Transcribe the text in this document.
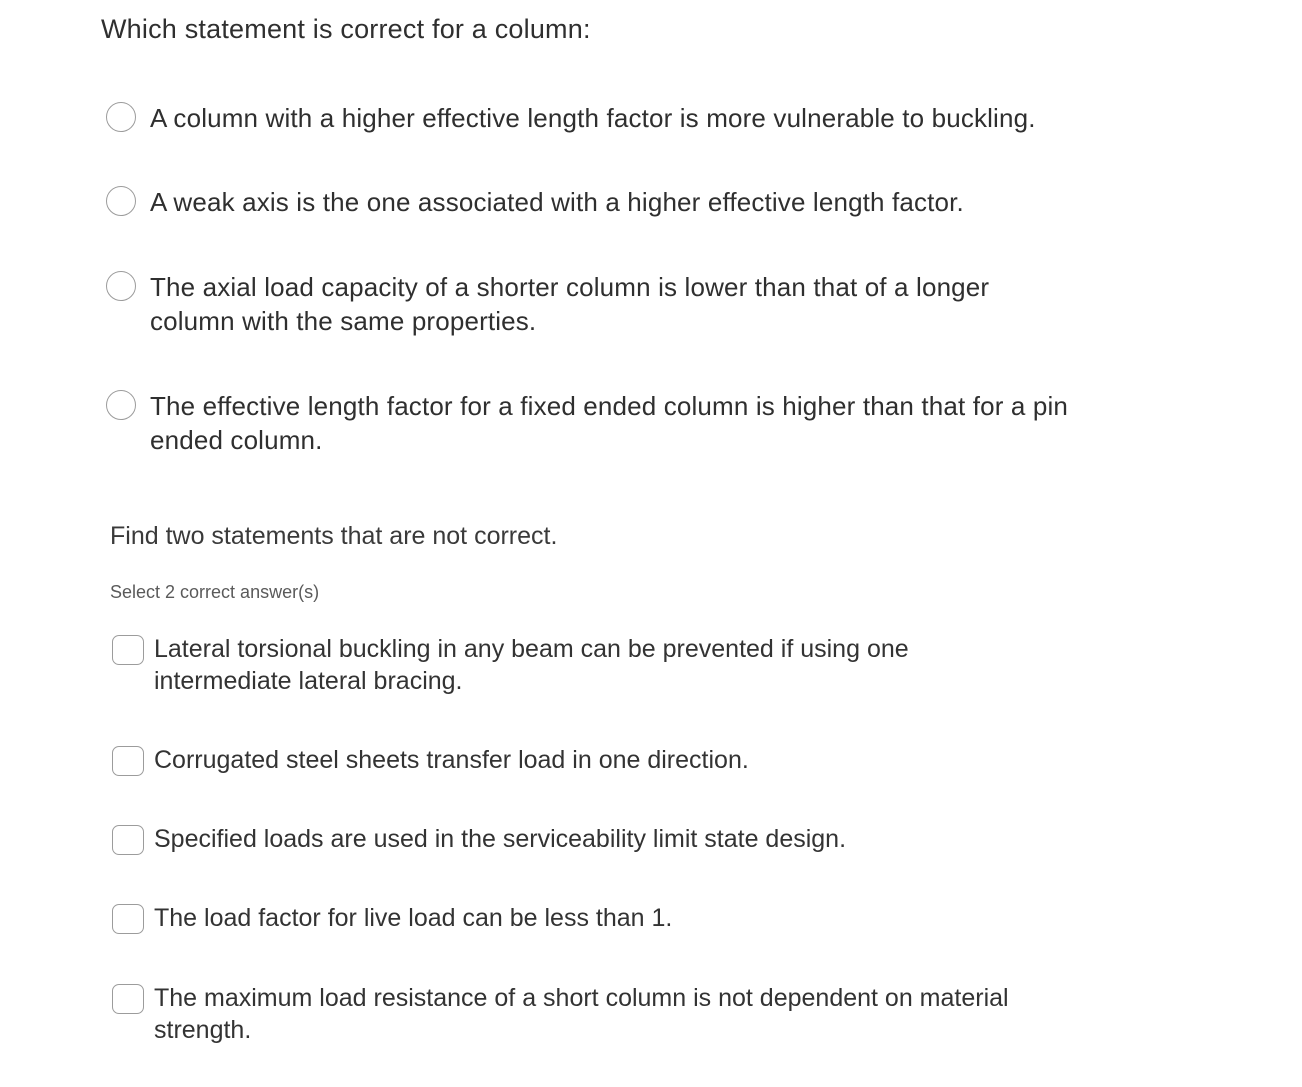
Which statement is correct for a column:
A column with a higher effective length factor is more vulnerable to buckling.
A weak axis is the one associated with a higher effective length factor.
The axial load capacity of a shorter column is lower than that of a longer column with the same properties.
The effective length factor for a fixed ended column is higher than that for a pin ended column.
Find two statements that are not correct.
Select 2 correct answer(s)
Lateral torsional buckling in any beam can be prevented if using one intermediate lateral bracing.
Corrugated steel sheets transfer load in one direction.
Specified loads are used in the serviceability limit state design.
The load factor for live load can be less than 1.
The maximum load resistance of a short column is not dependent on material strength.
